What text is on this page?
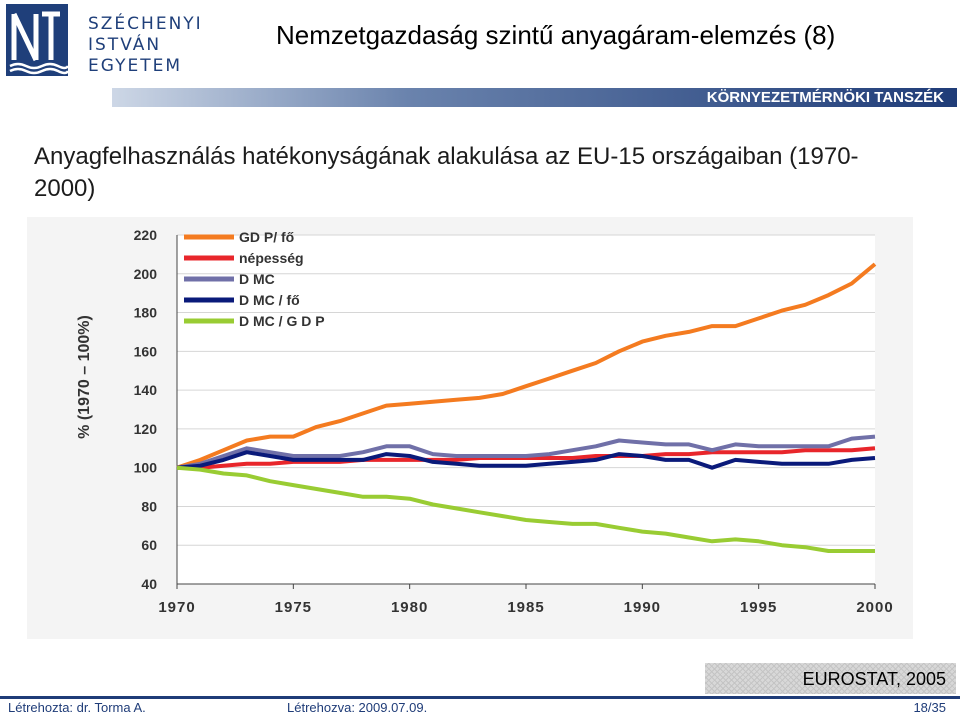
SZÉCHENYI ISTVÁN
EGYETEM
Nemzetgazdaság szintű anyagáram-elemzés (8)
KÖRNYEZETMÉRNÖKI TANSZÉK
Anyagfelhasználás hatékonyságának alakulása az EU-15 országaiban (1970-2000)
40
60
80
100
120
140
160
180
200
220
1970	1975	1980	1985	1990	1995	2000
% (1970 – 100%)
GD P/ fő
népesség
D MC
D MC / fő
D MC / G D P
EUROSTAT, 2005
Létrehozta: dr. Torma A.	Létrehozva: 2009.07.09.	18/35
